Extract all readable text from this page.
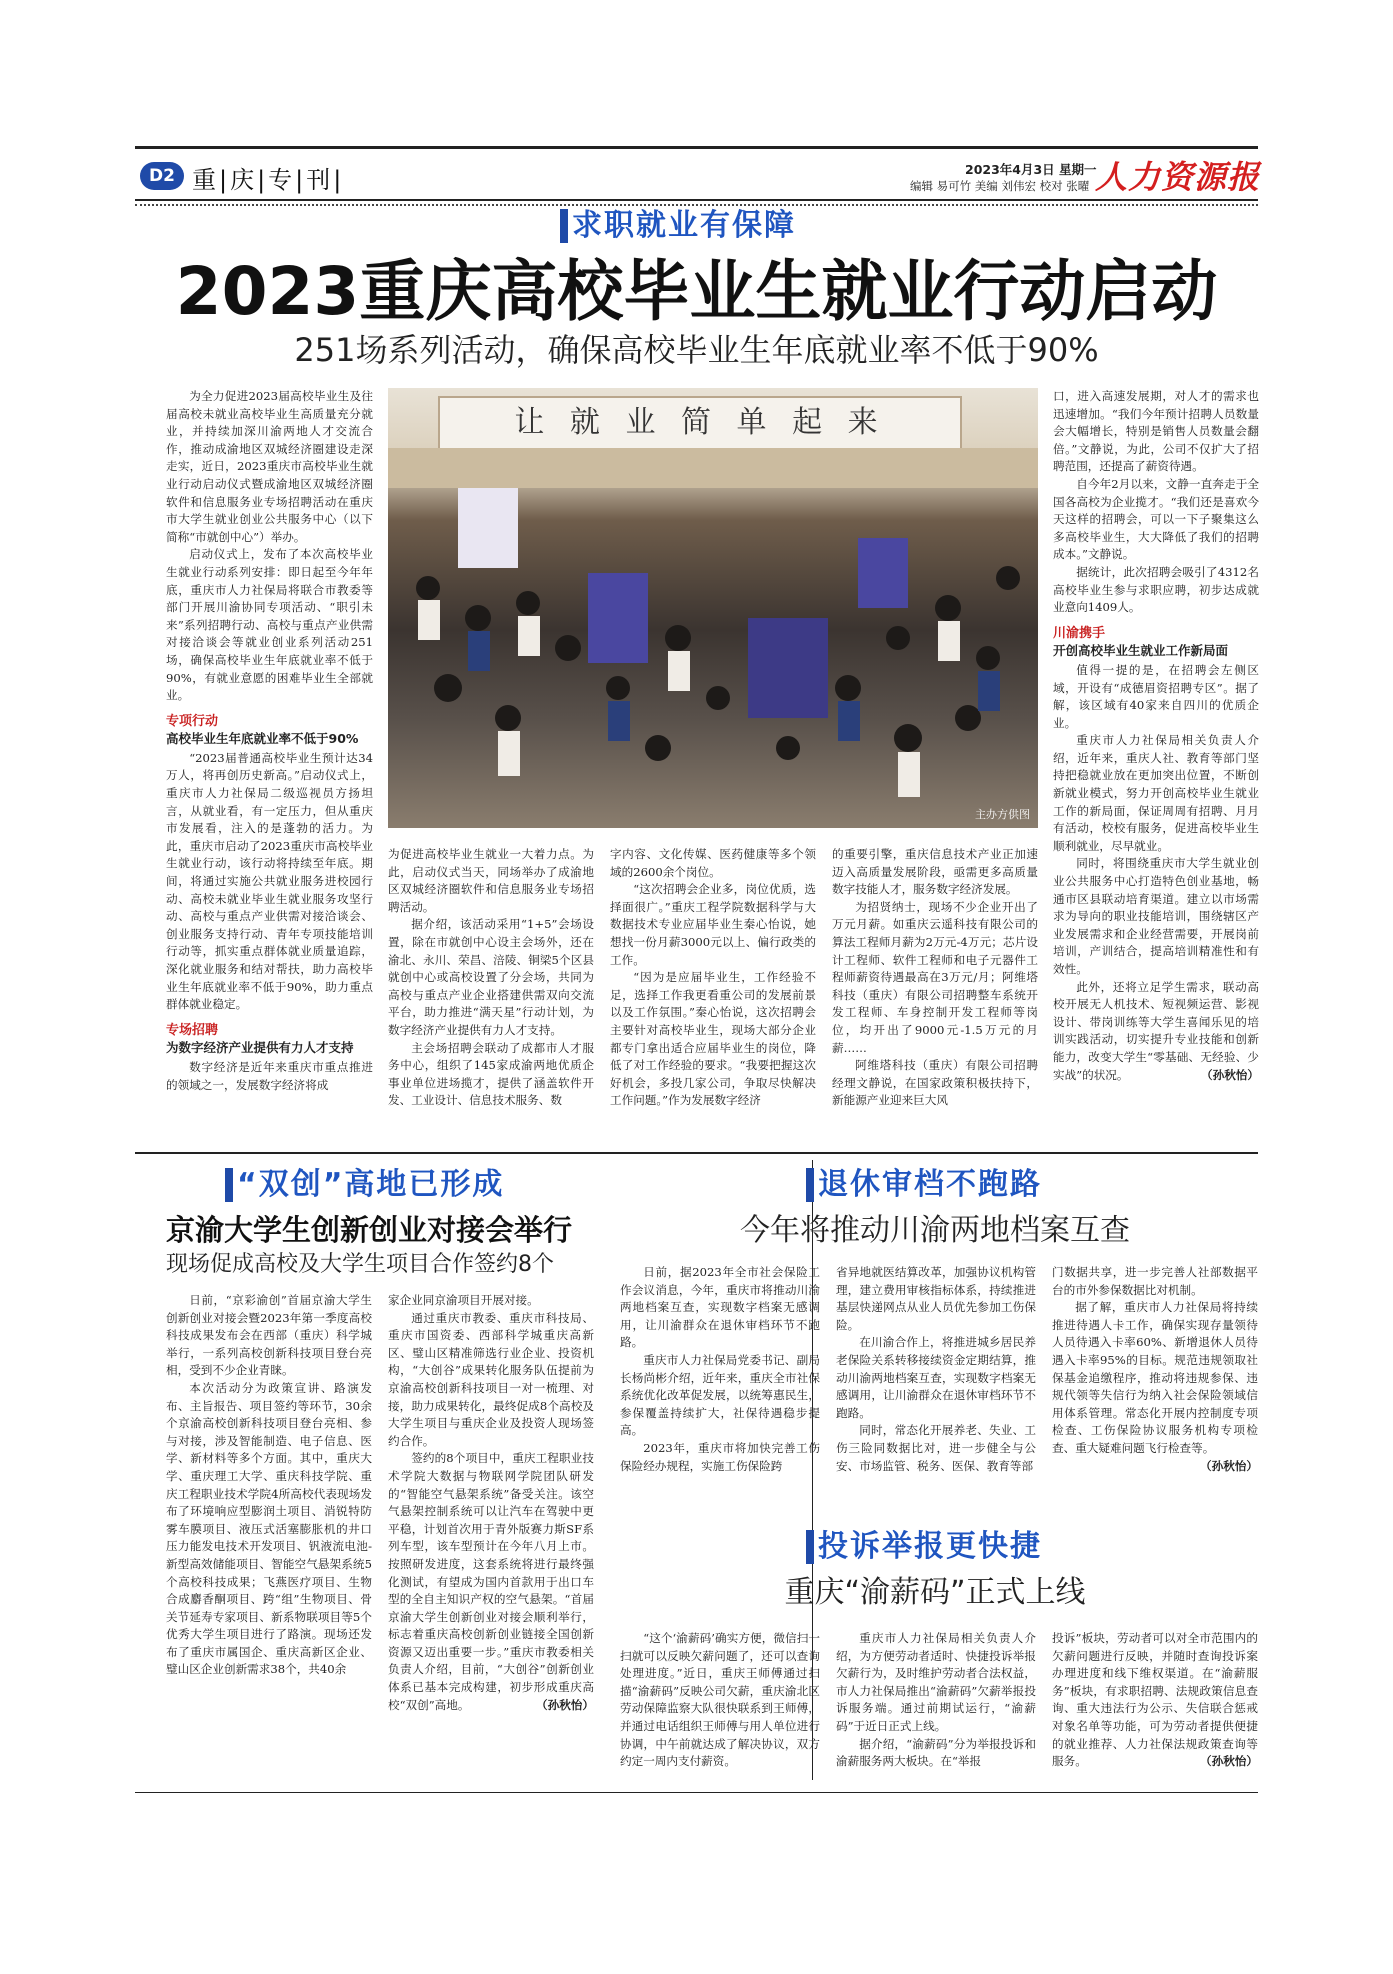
D2 重|庆|专|刊|	2023年4月3日 星期一
编辑 易可竹 美编 刘伟宏 校对 张曜 人力资源报
求职就业有保障
2023重庆高校毕业生就业行动启动
251场系列活动，确保高校毕业生年底就业率不低于90%
让 就 业 简 单 起 来
主办方供图

为全力促进2023届高校毕业生及往届高校未就业高校毕业生高质量充分就业，并持续加深川渝两地人才交流合作，推动成渝地区双城经济圈建设走深走实，近日，2023重庆市高校毕业生就业行动启动仪式暨成渝地区双城经济圈软件和信息服务业专场招聘活动在重庆市大学生就业创业公共服务中心（以下简称“市就创中心”）举办。

启动仪式上，发布了本次高校毕业生就业行动系列安排：即日起至今年年底，重庆市人力社保局将联合市教委等部门开展川渝协同专项活动、“职引未来”系列招聘行动、高校与重点产业供需对接洽谈会等就业创业系列活动251场，确保高校毕业生年底就业率不低于90%，有就业意愿的困难毕业生全部就业。

专项行动
高校毕业生年底就业率不低于90%

“2023届普通高校毕业生预计达34万人，将再创历史新高。”启动仪式上，重庆市人力社保局二级巡视员方扬坦言，从就业看，有一定压力，但从重庆市发展看，注入的是蓬勃的活力。为此，重庆市启动了2023重庆市高校毕业生就业行动，该行动将持续至年底。期间，将通过实施公共就业服务进校园行动、高校未就业毕业生就业服务攻坚行动、高校与重点产业供需对接洽谈会、创业服务支持行动、青年专项技能培训行动等，抓实重点群体就业质量追踪，深化就业服务和结对帮扶，助力高校毕业生年底就业率不低于90%，助力重点群体就业稳定。

专场招聘
为数字经济产业提供有力人才支持

数字经济是近年来重庆市重点推进的领域之一，发展数字经济将成

为促进高校毕业生就业一大着力点。为此，启动仪式当天，同场举办了成渝地区双城经济圈软件和信息服务业专场招聘活动。

据介绍，该活动采用“1+5”会场设置，除在市就创中心设主会场外，还在渝北、永川、荣昌、涪陵、铜梁5个区县就创中心或高校设置了分会场，共同为高校与重点产业企业搭建供需双向交流平台，助力推进“满天星”行动计划，为数字经济产业提供有力人才支持。

主会场招聘会联动了成都市人才服务中心，组织了145家成渝两地优质企事业单位进场揽才，提供了涵盖软件开发、工业设计、信息技术服务、数

字内容、文化传媒、医药健康等多个领域的2600余个岗位。

“这次招聘会企业多，岗位优质，选择面很广。”重庆工程学院数据科学与大数据技术专业应届毕业生秦心怡说，她想找一份月薪3000元以上、偏行政类的工作。

“因为是应届毕业生，工作经验不足，选择工作我更看重公司的发展前景以及工作氛围。”秦心怡说，这次招聘会主要针对高校毕业生，现场大部分企业都专门拿出适合应届毕业生的岗位，降低了对工作经验的要求。“我要把握这次好机会，多投几家公司，争取尽快解决工作问题。”作为发展数字经济

的重要引擎，重庆信息技术产业正加速迈入高质量发展阶段，亟需更多高质量数字技能人才，服务数字经济发展。

为招贤纳士，现场不少企业开出了万元月薪。如重庆云遥科技有限公司的算法工程师月薪为2万元-4万元；芯片设计工程师、软件工程师和电子元器件工程师薪资待遇最高在3万元/月；阿维塔科技（重庆）有限公司招聘整车系统开发工程师、车身控制开发工程师等岗位，均开出了9000元-1.5万元的月薪……

阿维塔科技（重庆）有限公司招聘经理文静说，在国家政策积极扶持下，新能源产业迎来巨大风

口，进入高速发展期，对人才的需求也迅速增加。“我们今年预计招聘人员数量会大幅增长，特别是销售人员数量会翻倍。”文静说，为此，公司不仅扩大了招聘范围，还提高了薪资待遇。

自今年2月以来，文静一直奔走于全国各高校为企业揽才。“我们还是喜欢今天这样的招聘会，可以一下子聚集这么多高校毕业生，大大降低了我们的招聘成本。”文静说。

据统计，此次招聘会吸引了4312名高校毕业生参与求职应聘，初步达成就业意向1409人。

川渝携手
开创高校毕业生就业工作新局面

值得一提的是，在招聘会左侧区域，开设有“成德眉资招聘专区”。据了解，该区域有40家来自四川的优质企业。

重庆市人力社保局相关负责人介绍，近年来，重庆人社、教育等部门坚持把稳就业放在更加突出位置，不断创新就业模式，努力开创高校毕业生就业工作的新局面，保证周周有招聘、月月有活动，校校有服务，促进高校毕业生顺利就业，尽早就业。

同时，将围绕重庆市大学生就业创业公共服务中心打造特色创业基地，畅通市区县联动培育渠道。建立以市场需求为导向的职业技能培训，围绕辖区产业发展需求和企业经营需要，开展岗前培训，产训结合，提高培训精准性和有效性。

此外，还将立足学生需求，联动高校开展无人机技术、短视频运营、影视设计、带岗训练等大学生喜闻乐见的培训实践活动，切实提升专业技能和创新能力，改变大学生“零基础、无经验、少实战”的状况。	（孙秋怡）

“双创”高地已形成
京渝大学生创新创业对接会举行
现场促成高校及大学生项目合作签约8个

日前，“京彩渝创”首届京渝大学生创新创业对接会暨2023年第一季度高校科技成果发布会在西部（重庆）科学城举行，一系列高校创新科技项目登台亮相，受到不少企业青睐。

本次活动分为政策宣讲、路演发布、主旨报告、项目签约等环节，30余个京渝高校创新科技项目登台亮相、参与对接，涉及智能制造、电子信息、医学、新材料等多个方面。其中，重庆大学、重庆理工大学、重庆科技学院、重庆工程职业技术学院4所高校代表现场发布了环境响应型膨润土项目、消锐特防雾车膜项目、液压式活塞膨胀机的井口压力能发电技术开发项目、钒液流电池-新型高效储能项目、智能空气悬架系统5个高校科技成果；飞燕医疗项目、生物合成麝香酮项目、跨“组”生物项目、骨关节延寿专家项目、新系物联项目等5个优秀大学生项目进行了路演。现场还发布了重庆市属国企、重庆高新区企业、璧山区企业创新需求38个，共40余

家企业同京渝项目开展对接。

通过重庆市教委、重庆市科技局、重庆市国资委、西部科学城重庆高新区、璧山区精准筛选行业企业、投资机构，“大创谷”成果转化服务队伍提前为京渝高校创新科技项目一对一梳理、对接，助力成果转化，最终促成8个高校及大学生项目与重庆企业及投资人现场签约合作。

签约的8个项目中，重庆工程职业技术学院大数据与物联网学院团队研发的“智能空气悬架系统”备受关注。该空气悬架控制系统可以让汽车在驾驶中更平稳，计划首次用于青外版赛力斯SF系列车型，该车型预计在今年八月上市。按照研发进度，这套系统将进行最终强化测试，有望成为国内首款用于出口车型的全自主知识产权的空气悬架。“首届京渝大学生创新创业对接会顺利举行，标志着重庆高校创新创业链接全国创新资源又迈出重要一步。”重庆市教委相关负责人介绍，目前，“大创谷”创新创业体系已基本完成构建，初步形成重庆高校“双创”高地。	（孙秋怡）

退休审档不跑路
今年将推动川渝两地档案互查

日前，据2023年全市社会保险工作会议消息，今年，重庆市将推动川渝两地档案互查，实现数字档案无感调用，让川渝群众在退休审档环节不跑路。

重庆市人力社保局党委书记、副局长杨尚彬介绍，近年来，重庆全市社保系统优化改革促发展，以统筹惠民生，参保覆盖持续扩大，社保待遇稳步提高。

2023年，重庆市将加快完善工伤保险经办规程，实施工伤保险跨

省异地就医结算改革，加强协议机构管理，建立费用审核指标体系，持续推进基层快递网点从业人员优先参加工伤保险。

在川渝合作上，将推进城乡居民养老保险关系转移接续资金定期结算，推动川渝两地档案互查，实现数字档案无感调用，让川渝群众在退休审档环节不跑路。

同时，常态化开展养老、失业、工伤三险同数据比对，进一步健全与公安、市场监管、税务、医保、教育等部

门数据共享，进一步完善人社部数据平台的市外参保数据比对机制。

据了解，重庆市人力社保局将持续推进待遇人卡工作，确保实现存量领待人员待遇入卡率60%、新增退休人员待遇入卡率95%的目标。规范违规领取社保基金追缴程序，推动将违规参保、违规代领等失信行为纳入社会保险领域信用体系管理。常态化开展内控制度专项检查、工伤保险协议服务机构专项检查、重大疑难问题飞行检查等。
（孙秋怡）

投诉举报更快捷
重庆“渝薪码”正式上线

“这个‘渝薪码’确实方便，微信扫一扫就可以反映欠薪问题了，还可以查询处理进度。”近日，重庆王师傅通过扫描“渝薪码”反映公司欠薪，重庆渝北区劳动保障监察大队很快联系到王师傅，并通过电话组织王师傅与用人单位进行协调，中午前就达成了解决协议，双方约定一周内支付薪资。

重庆市人力社保局相关负责人介绍，为方便劳动者适时、快捷投诉举报欠薪行为，及时维护劳动者合法权益，市人力社保局推出“渝薪码”欠薪举报投诉服务端。通过前期试运行，“渝薪码”于近日正式上线。

据介绍，“渝薪码”分为举报投诉和渝薪服务两大板块。在“举报

投诉”板块，劳动者可以对全市范围内的欠薪问题进行反映，并随时查询投诉案办理进度和线下维权渠道。在“渝薪服务”板块，有求职招聘、法规政策信息查询、重大违法行为公示、失信联合惩戒对象名单等功能，可为劳动者提供便捷的就业推荐、人力社保法规政策查询等服务。	（孙秋怡）
